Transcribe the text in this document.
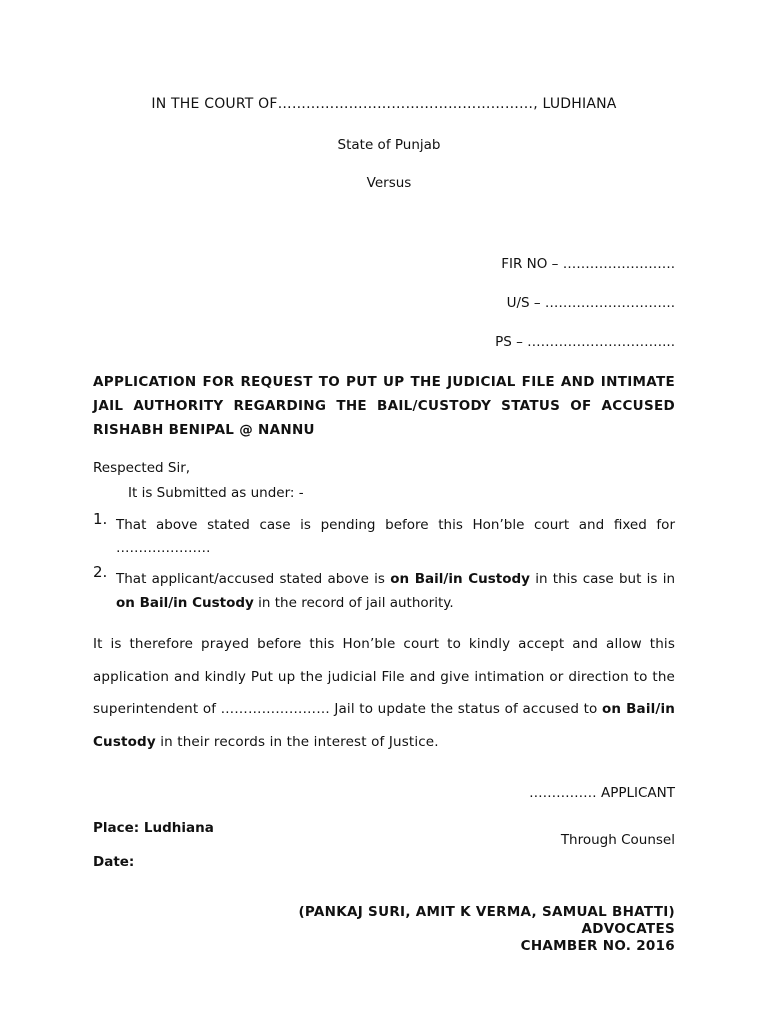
IN THE COURT OF………………………………………………, LUDHIANA
State of Punjab
Versus
FIR NO – …………………….
U/S – ………………………..
PS – …………………………...
APPLICATION FOR REQUEST TO PUT UP THE JUDICIAL FILE AND INTIMATE JAIL AUTHORITY REGARDING THE BAIL/CUSTODY STATUS OF ACCUSED RISHABH BENIPAL @ NANNU
Respected Sir,
It is Submitted as under: -
1. That above stated case is pending before this Hon’ble court and fixed for …………………
2. That applicant/accused stated above is on Bail/in Custody in this case but is in on Bail/in Custody in the record of jail authority.
It is therefore prayed before this Hon’ble court to kindly accept and allow this application and kindly Put up the judicial File and give intimation or direction to the superintendent of …………………… Jail to update the status of accused to on Bail/in Custody in their records in the interest of Justice.
…………… APPLICANT
Place: Ludhiana
Through Counsel
Date:
(PANKAJ SURI, AMIT K VERMA, SAMUAL BHATTI)
ADVOCATES
CHAMBER NO. 2016
